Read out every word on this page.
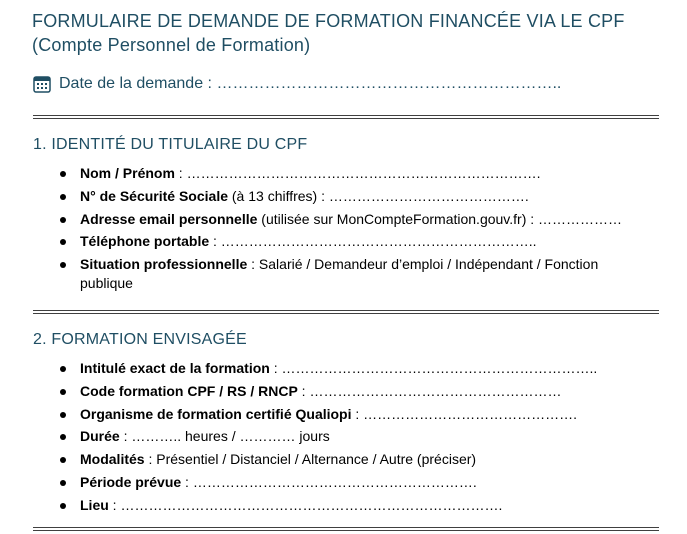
FORMULAIRE DE DEMANDE DE FORMATION FINANCÉE VIA LE CPF
(Compte Personnel de Formation)
Date de la demande : ………………………………………………………..
1. IDENTITÉ DU TITULAIRE DU CPF
Nom / Prénom : ………………………………………………………………….
N° de Sécurité Sociale (à 13 chiffres) : …………………………………….
Adresse email personnelle (utilisée sur MonCompteFormation.gouv.fr) : ………………
Téléphone portable : …………………………………………………………..
Situation professionnelle : Salarié / Demandeur d’emploi / Indépendant / Fonction publique
2. FORMATION ENVISAGÉE
Intitulé exact de la formation : …………………………………………………………..
Code formation CPF / RS / RNCP : ………………………………………………
Organisme de formation certifié Qualiopi : ……………………………………….
Durée : ……….. heures / ………… jours
Modalités : Présentiel / Distanciel / Alternance / Autre (préciser)
Période prévue : …………………………………………………….
Lieu : ……………………………………………………………………….
